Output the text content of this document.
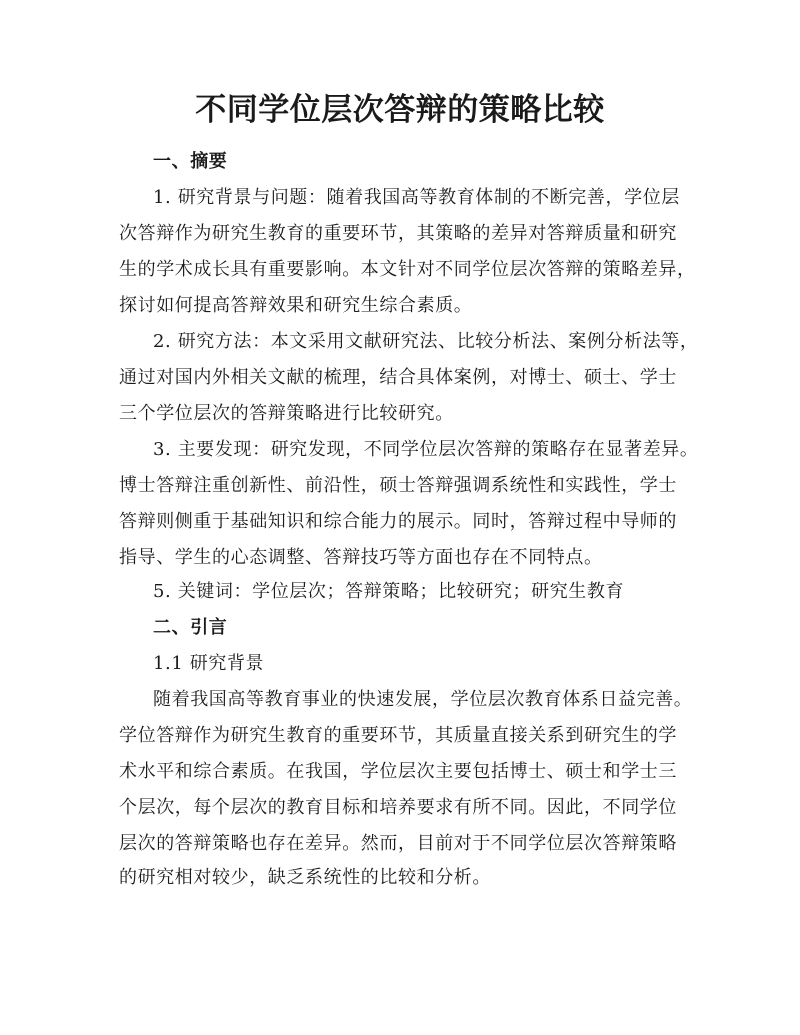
不同学位层次答辩的策略比较
一、摘要
1. 研究背景与问题：随着我国高等教育体制的不断完善，学位层
次答辩作为研究生教育的重要环节，其策略的差异对答辩质量和研究
生的学术成长具有重要影响。本文针对不同学位层次答辩的策略差异，
探讨如何提高答辩效果和研究生综合素质。
2. 研究方法：本文采用文献研究法、比较分析法、案例分析法等，
通过对国内外相关文献的梳理，结合具体案例，对博士、硕士、学士
三个学位层次的答辩策略进行比较研究。
3. 主要发现：研究发现，不同学位层次答辩的策略存在显著差异。
博士答辩注重创新性、前沿性，硕士答辩强调系统性和实践性，学士
答辩则侧重于基础知识和综合能力的展示。同时，答辩过程中导师的
指导、学生的心态调整、答辩技巧等方面也存在不同特点。
5. 关键词：学位层次；答辩策略；比较研究；研究生教育
二、引言
1.1 研究背景
随着我国高等教育事业的快速发展，学位层次教育体系日益完善。
学位答辩作为研究生教育的重要环节，其质量直接关系到研究生的学
术水平和综合素质。在我国，学位层次主要包括博士、硕士和学士三
个层次，每个层次的教育目标和培养要求有所不同。因此，不同学位
层次的答辩策略也存在差异。然而，目前对于不同学位层次答辩策略
的研究相对较少，缺乏系统性的比较和分析。
